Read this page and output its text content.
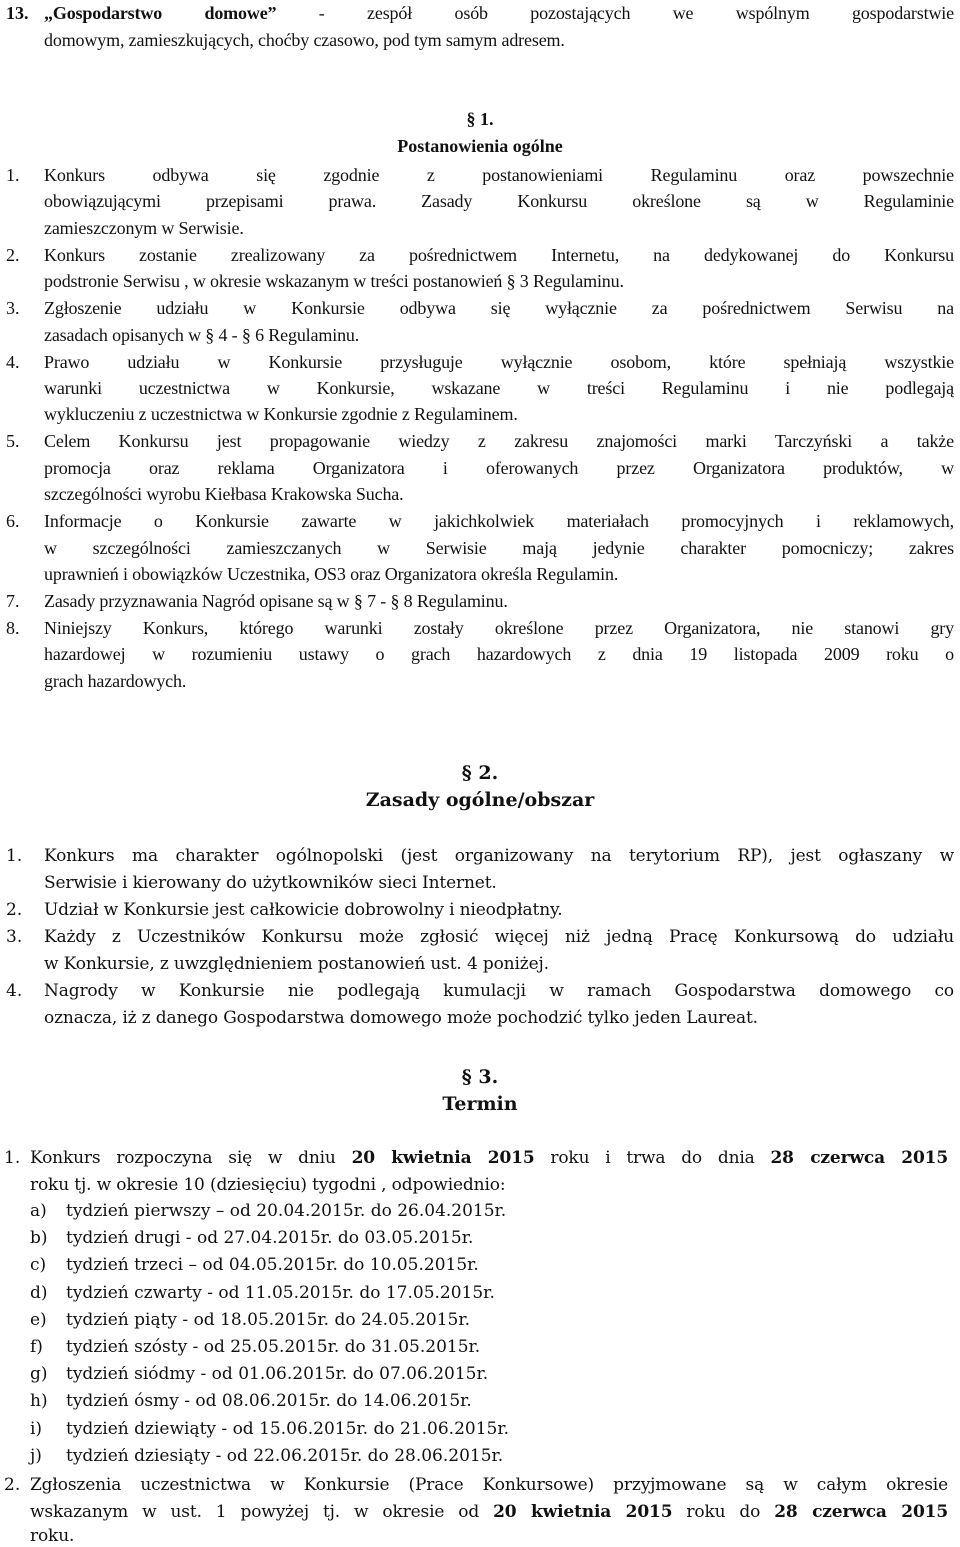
13. „Gospodarstwo domowe” - zespół osób pozostających we wspólnym gospodarstwie
domowym, zamieszkujących, choćby czasowo, pod tym samym adresem.
§ 1.
Postanowienia ogólne
1. Konkurs odbywa się zgodnie z postanowieniami Regulaminu oraz powszechnie
obowiązującymi przepisami prawa. Zasady Konkursu określone są w Regulaminie
zamieszczonym w Serwisie.
2. Konkurs zostanie zrealizowany za pośrednictwem Internetu, na dedykowanej do Konkursu
podstronie Serwisu , w okresie wskazanym w treści postanowień § 3 Regulaminu.
3. Zgłoszenie udziału w Konkursie odbywa się wyłącznie za pośrednictwem Serwisu na
zasadach opisanych w § 4 - § 6 Regulaminu.
4. Prawo udziału w Konkursie przysługuje wyłącznie osobom, które spełniają wszystkie
warunki uczestnictwa w Konkursie, wskazane w treści Regulaminu i nie podlegają
wykluczeniu z uczestnictwa w Konkursie zgodnie z Regulaminem.
5. Celem Konkursu jest propagowanie wiedzy z zakresu znajomości marki Tarczyński a także
promocja oraz reklama Organizatora i oferowanych przez Organizatora produktów, w
szczególności wyrobu Kiełbasa Krakowska Sucha.
6. Informacje o Konkursie zawarte w jakichkolwiek materiałach promocyjnych i reklamowych,
w szczególności zamieszczanych w Serwisie mają jedynie charakter pomocniczy; zakres
uprawnień i obowiązków Uczestnika, OS3 oraz Organizatora określa Regulamin.
7. Zasady przyznawania Nagród opisane są w § 7 - § 8 Regulaminu.
8. Niniejszy Konkurs, którego warunki zostały określone przez Organizatora, nie stanowi gry
hazardowej w rozumieniu ustawy o grach hazardowych z dnia 19 listopada 2009 roku o
grach hazardowych.
§ 2.
Zasady ogólne/obszar
1. Konkurs ma charakter ogólnopolski (jest organizowany na terytorium RP), jest ogłaszany w
Serwisie i kierowany do użytkowników sieci Internet.
2. Udział w Konkursie jest całkowicie dobrowolny i nieodpłatny.
3. Każdy z Uczestników Konkursu może zgłosić więcej niż jedną Pracę Konkursową do udziału
w Konkursie, z uwzględnieniem postanowień ust. 4 poniżej.
4. Nagrody w Konkursie nie podlegają kumulacji w ramach Gospodarstwa domowego co
oznacza, iż z danego Gospodarstwa domowego może pochodzić tylko jeden Laureat.
§ 3.
Termin
1. Konkurs rozpoczyna się w dniu 20 kwietnia 2015 roku i trwa do dnia 28 czerwca 2015
roku tj. w okresie 10 (dziesięciu) tygodni , odpowiednio:
a) tydzień pierwszy – od 20.04.2015r. do 26.04.2015r.
b) tydzień drugi - od 27.04.2015r. do 03.05.2015r.
c) tydzień trzeci – od 04.05.2015r. do 10.05.2015r.
d) tydzień czwarty - od 11.05.2015r. do 17.05.2015r.
e) tydzień piąty - od 18.05.2015r. do 24.05.2015r.
f) tydzień szósty - od 25.05.2015r. do 31.05.2015r.
g) tydzień siódmy - od 01.06.2015r. do 07.06.2015r.
h) tydzień ósmy - od 08.06.2015r. do 14.06.2015r.
i) tydzień dziewiąty - od 15.06.2015r. do 21.06.2015r.
j) tydzień dziesiąty - od 22.06.2015r. do 28.06.2015r.
2. Zgłoszenia uczestnictwa w Konkursie (Prace Konkursowe) przyjmowane są w całym okresie
wskazanym w ust. 1 powyżej tj. w okresie od 20 kwietnia 2015 roku do 28 czerwca 2015
roku.
